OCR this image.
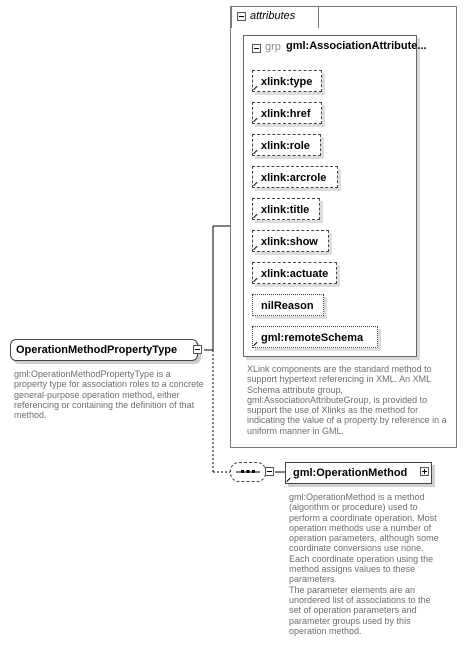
attributes
grp gml:AssociationAttribute...
xlink:type
xlink:href
xlink:role
xlink:arcrole
xlink:title
xlink:show
xlink:actuate
nilReason
gml:remoteSchema
XLink components are the standard method to support hypertext referencing in XML. An XML Schema attribute group, gml:AssociationAttributeGroup, is provided to support the use of Xlinks as the method for indicating the value of a property by reference in a uniform manner in GML.
OperationMethodPropertyType
gml:OperationMethodPropertyType is a property type for association roles to a concrete general-purpose operation method, either referencing or containing the definition of that method.
gml:OperationMethod
gml:OperationMethod is a method (algorithm or procedure) used to perform a coordinate operation. Most operation methods use a number of operation parameters, although some coordinate conversions use none. Each coordinate operation using the method assigns values to these parameters.
The parameter elements are an unordered list of associations to the set of operation parameters and parameter groups used by this operation method.
